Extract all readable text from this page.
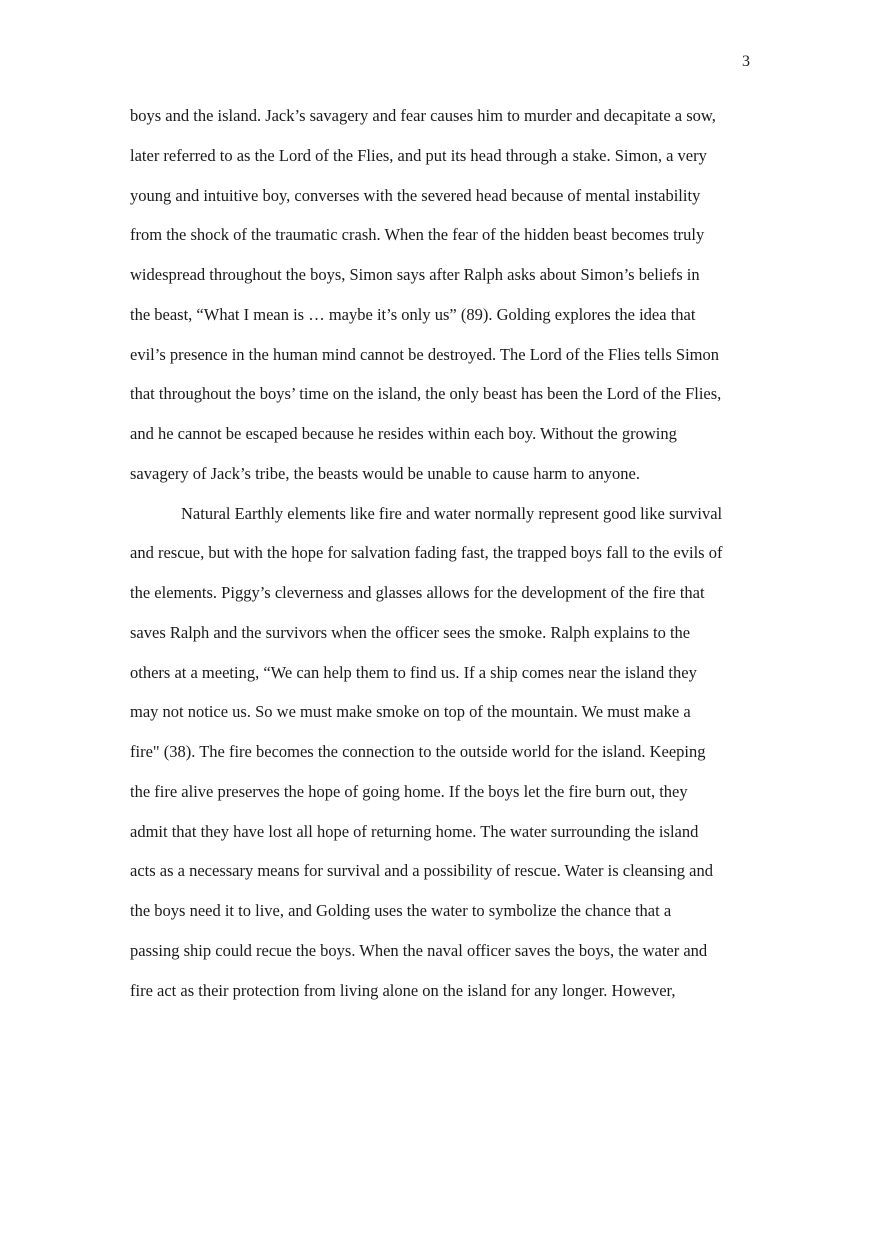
3
boys and the island. Jack’s savagery and fear causes him to murder and decapitate a sow,
later referred to as the Lord of the Flies, and put its head through a stake. Simon, a very
young and intuitive boy, converses with the severed head because of mental instability
from the shock of the traumatic crash. When the fear of the hidden beast becomes truly
widespread throughout the boys, Simon says after Ralph asks about Simon’s beliefs in
the beast, “What I mean is … maybe it’s only us” (89). Golding explores the idea that
evil’s presence in the human mind cannot be destroyed. The Lord of the Flies tells Simon
that throughout the boys’ time on the island, the only beast has been the Lord of the Flies,
and he cannot be escaped because he resides within each boy. Without the growing
savagery of Jack’s tribe, the beasts would be unable to cause harm to anyone.
Natural Earthly elements like fire and water normally represent good like survival
and rescue, but with the hope for salvation fading fast, the trapped boys fall to the evils of
the elements. Piggy’s cleverness and glasses allows for the development of the fire that
saves Ralph and the survivors when the officer sees the smoke. Ralph explains to the
others at a meeting, “We can help them to find us. If a ship comes near the island they
may not notice us. So we must make smoke on top of the mountain. We must make a
fire" (38). The fire becomes the connection to the outside world for the island. Keeping
the fire alive preserves the hope of going home. If the boys let the fire burn out, they
admit that they have lost all hope of returning home. The water surrounding the island
acts as a necessary means for survival and a possibility of rescue. Water is cleansing and
the boys need it to live, and Golding uses the water to symbolize the chance that a
passing ship could recue the boys. When the naval officer saves the boys, the water and
fire act as their protection from living alone on the island for any longer. However,
